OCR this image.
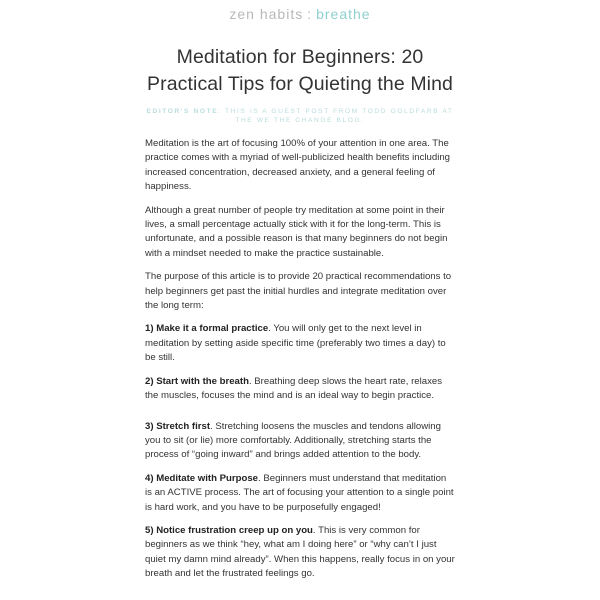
zen habits : breathe
Meditation for Beginners: 20 Practical Tips for Quieting the Mind
EDITOR'S NOTE: THIS IS A GUEST POST FROM TODD GOLDFARB AT THE WE THE CHANGE BLOG.

Meditation is the art of focusing 100% of your attention in one area. The practice comes with a myriad of well-publicized health benefits including increased concentration, decreased anxiety, and a general feeling of happiness.

Although a great number of people try meditation at some point in their lives, a small percentage actually stick with it for the long-term. This is unfortunate, and a possible reason is that many beginners do not begin with a mindset needed to make the practice sustainable.

The purpose of this article is to provide 20 practical recommendations to help beginners get past the initial hurdles and integrate meditation over the long term:

1) Make it a formal practice. You will only get to the next level in meditation by setting aside specific time (preferably two times a day) to be still.

2) Start with the breath. Breathing deep slows the heart rate, relaxes the muscles, focuses the mind and is an ideal way to begin practice.

3) Stretch first. Stretching loosens the muscles and tendons allowing you to sit (or lie) more comfortably. Additionally, stretching starts the process of “going inward” and brings added attention to the body.

4) Meditate with Purpose. Beginners must understand that meditation is an ACTIVE process. The art of focusing your attention to a single point is hard work, and you have to be purposefully engaged!

5) Notice frustration creep up on you. This is very common for beginners as we think “hey, what am I doing here” or “why can’t I just quiet my damn mind already”. When this happens, really focus in on your breath and let the frustrated feelings go.
